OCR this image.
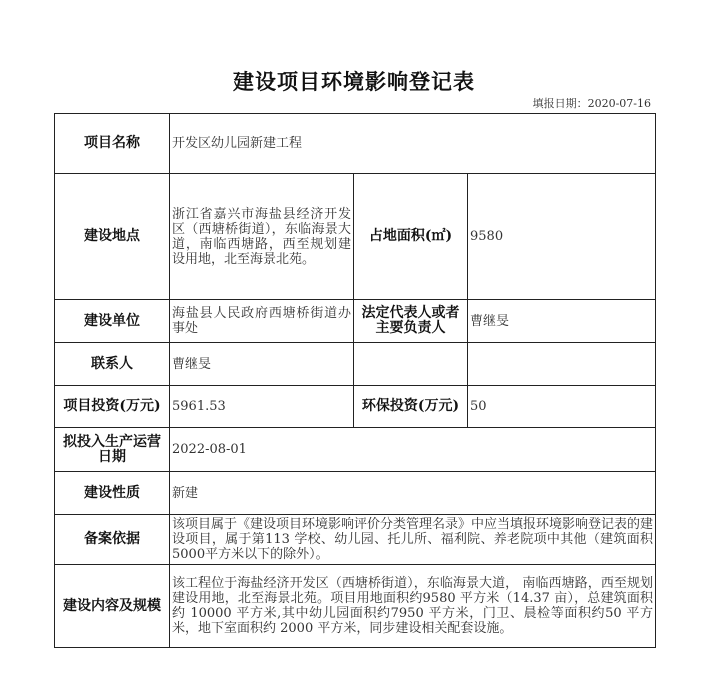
建设项目环境影响登记表
填报日期：2020-07-16
项目名称	开发区幼儿园新建工程		
建设地点	浙江省嘉兴市海盐县经济开发区（西塘桥街道），东临海景大道，南临西塘路，西至规划建设用地，北至海景北苑。	占地面积(㎡)	9580
建设单位	海盐县人民政府西塘桥街道办事处	法定代表人或者主要负责人	曹继旻
联系人	曹继旻		
项目投资(万元)	5961.53	环保投资(万元)	50
拟投入生产运营日期	2022-08-01		
建设性质	新建		
备案依据	该项目属于《建设项目环境影响评价分类管理名录》中应当填报环境影响登记表的建设项目，属于第113 学校、幼儿园、托儿所、福利院、养老院项中其他（建筑面积5000平方米以下的除外）。		
建设内容及规模	该工程位于海盐经济开发区（西塘桥街道），东临海景大道， 南临西塘路，西至规划建设用地，北至海景北苑。项目用地面积约9580 平方米（14.37 亩），总建筑面积约 10000 平方米,其中幼儿园面积约7950 平方米，门卫、晨检等面积约50 平方米，地下室面积约 2000 平方米，同步建设相关配套设施。		
